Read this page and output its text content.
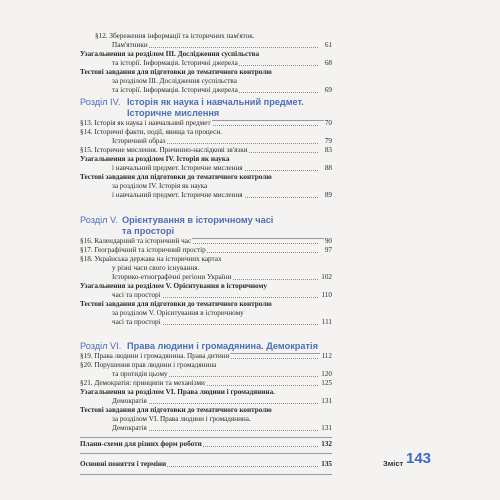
§12. Збереження інформації та історичних пам'яток.
Пам'ятники	61
Узагальнення за розділом ІІІ. Дослідження суспільства
та історії. Інформація. Історичні джерела	68
Тестові завдання для підготовки до тематичного контролю
за розділом ІІІ. Дослідження суспільства
та історії. Інформація. Історичні джерела	69
Розділ IV. Історія як наука і навчальний предмет.
Історичне мислення
§13. Історія як наука і навчальний предмет	70
§14. Історичні факти, події, явища та процеси.
Історичний образ	79
§15. Історичне мислення. Причинно-наслідкові зв'язки	83
Узагальнення за розділом IV. Історія як наука
і навчальний предмет. Історичне мислення	88
Тестові завдання для підготовки до тематичного контролю
за розділом IV. Історія як наука
і навчальний предмет. Історичне мислення	89
Розділ V. Орієнтування в історичному часі
та просторі
§16. Календарний та історичний час	90
§17. Географічний та історичний простір	97
§18. Українська держава на історичних картах
у різні часи свого існування.
Історико-етнографічні регіони України	102
Узагальнення за розділом V. Орієнтування в історичному
часі та просторі	110
Тестові завдання для підготовки до тематичного контролю
за розділом V. Орієнтування в історичному
часі та просторі	111
Розділ VI. Права людини і громадянина. Демократія
§19. Права людини і громадянина. Права дитини	112
§20. Порушення прав людини і громадянина
та протидія цьому	120
§21. Демократія: принципи та механізми	125
Узагальнення за розділом VI. Права людини і громадянина.
Демократія	131
Тестові завдання для підготовки до тематичного контролю
за розділом VI. Права людини і громадянина.
Демократія	131
Плани-схеми для різних форм роботи	132
Основні поняття і терміни	135	Зміст 143
